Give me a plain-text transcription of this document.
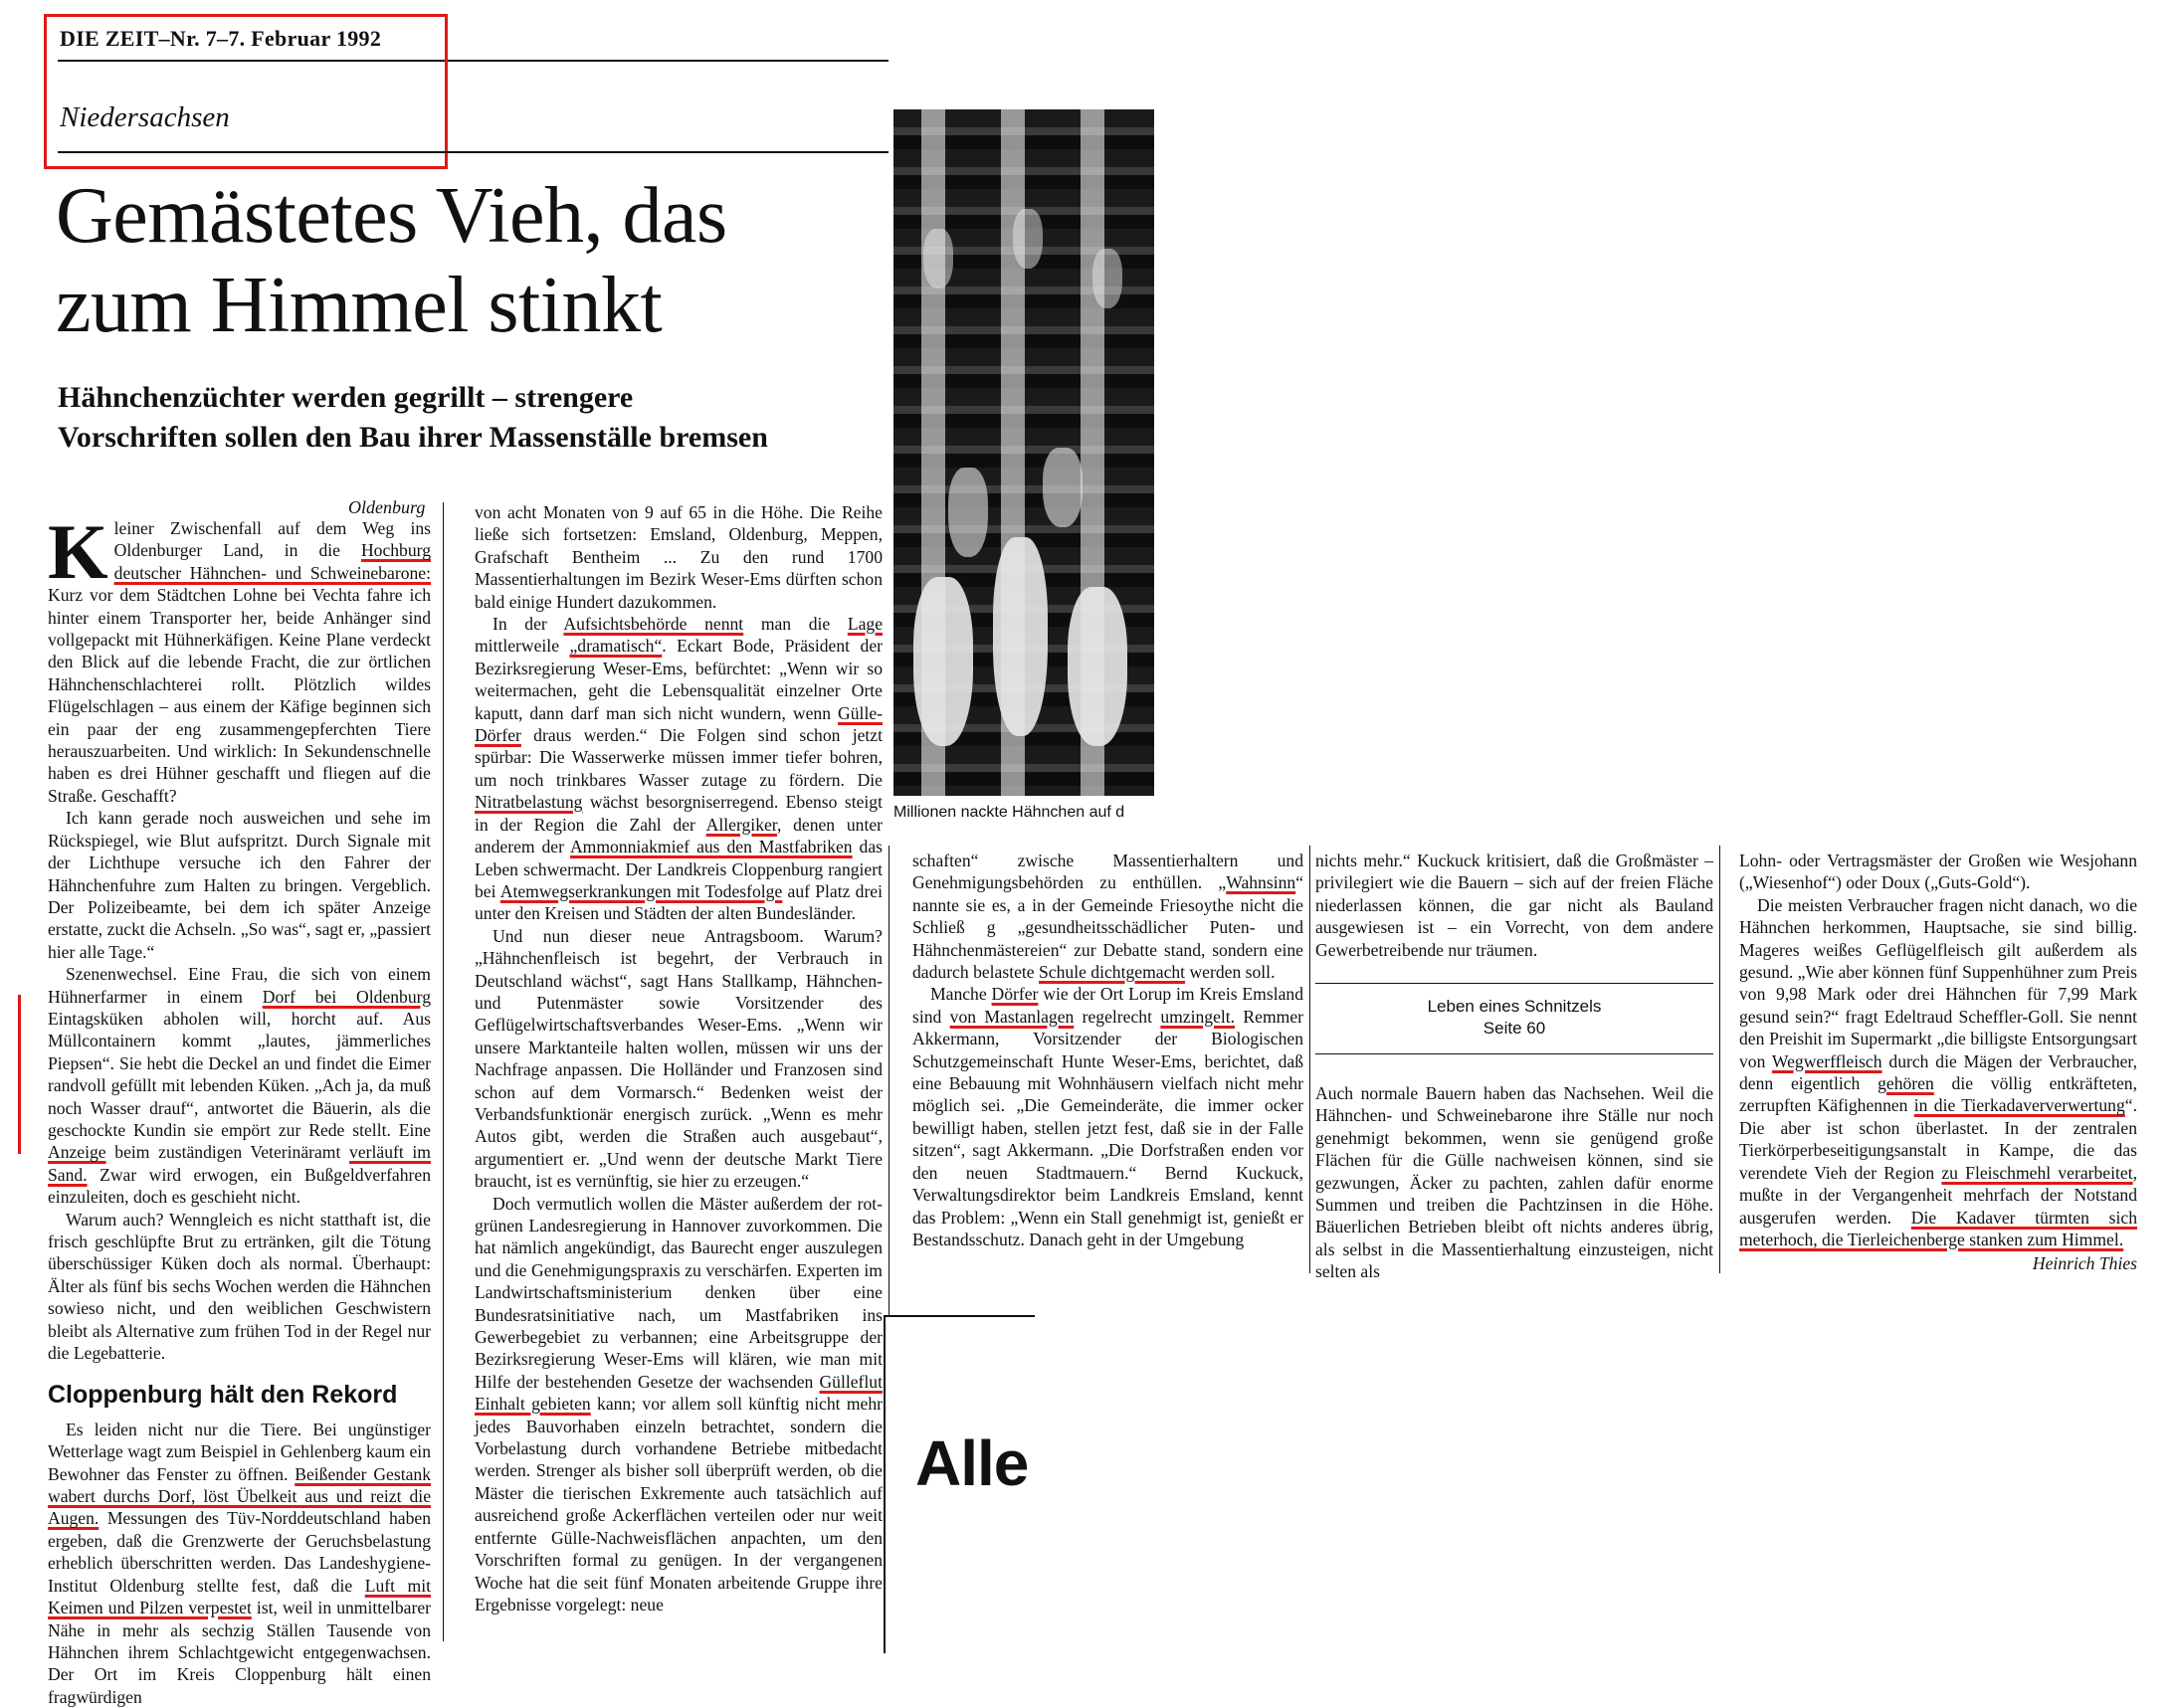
DIE ZEIT–Nr. 7–7. Februar 1992
Niedersachsen
Gemästetes Vieh, das
zum Himmel stinkt
Hähnchenzüchter werden gegrillt – strengere
Vorschriften sollen den Bau ihrer Massenställe bremsen
Millionen nackte Hähnchen auf d
Oldenburg

Kleiner Zwischenfall auf dem Weg ins Oldenburger Land, in die Hochburg deutscher Hähnchen- und Schweinebarone: Kurz vor dem Städtchen Lohne bei Vechta fahre ich hinter einem Transporter her, beide Anhänger sind vollgepackt mit Hühnerkäfigen. Keine Plane verdeckt den Blick auf die lebende Fracht, die zur örtlichen Hähnchenschlachterei rollt. Plötzlich wildes Flügelschlagen – aus einem der Käfige beginnen sich ein paar der eng zusammengepferchten Tiere herauszuarbeiten. Und wirklich: In Sekundenschnelle haben es drei Hühner geschafft und fliegen auf die Straße. Geschafft?

Ich kann gerade noch ausweichen und sehe im Rückspiegel, wie Blut aufspritzt. Durch Signale mit der Lichthupe versuche ich den Fahrer der Hähnchenfuhre zum Halten zu bringen. Vergeblich. Der Polizeibeamte, bei dem ich später Anzeige erstatte, zuckt die Achseln. „So was“, sagt er, „passiert hier alle Tage.“

Szenenwechsel. Eine Frau, die sich von einem Hühnerfarmer in einem Dorf bei Oldenburg Eintagsküken abholen will, horcht auf. Aus Müllcontainern kommt „lautes, jämmerliches Piepsen“. Sie hebt die Deckel an und findet die Eimer randvoll gefüllt mit lebenden Küken. „Ach ja, da muß noch Wasser drauf“, antwortet die Bäuerin, als die geschockte Kundin sie empört zur Rede stellt. Eine Anzeige beim zuständigen Veterinäramt verläuft im Sand. Zwar wird erwogen, ein Bußgeldverfahren einzuleiten, doch es geschieht nicht.

Warum auch? Wenngleich es nicht statthaft ist, die frisch geschlüpfte Brut zu ertränken, gilt die Tötung überschüssiger Küken doch als normal. Überhaupt: Älter als fünf bis sechs Wochen werden die Hähnchen sowieso nicht, und den weiblichen Geschwistern bleibt als Alternative zum frühen Tod in der Regel nur die Legebatterie.

Cloppenburg hält den Rekord

Es leiden nicht nur die Tiere. Bei ungünstiger Wetterlage wagt zum Beispiel in Gehlenberg kaum ein Bewohner das Fenster zu öffnen. Beißender Gestank wabert durchs Dorf, löst Übelkeit aus und reizt die Augen. Messungen des Tüv-Norddeutschland haben ergeben, daß die Grenzwerte der Geruchsbelastung erheblich überschritten werden. Das Landeshygiene-Institut Oldenburg stellte fest, daß die Luft mit Keimen und Pilzen verpestet ist, weil in unmittelbarer Nähe in mehr als sechzig Ställen Tausende von Hähnchen ihrem Schlachtgewicht entgegenwachsen. Der Ort im Kreis Cloppenburg hält einen fragwürdigen

von acht Monaten von 9 auf 65 in die Höhe. Die Reihe ließe sich fortsetzen: Emsland, Oldenburg, Meppen, Grafschaft Bentheim ... Zu den rund 1700 Massentierhaltungen im Bezirk Weser-Ems dürften schon bald einige Hundert dazukommen.

In der Aufsichtsbehörde nennt man die Lage mittlerweile „dramatisch“. Eckart Bode, Präsident der Bezirksregierung Weser-Ems, befürchtet: „Wenn wir so weitermachen, geht die Lebensqualität einzelner Orte kaputt, dann darf man sich nicht wundern, wenn Gülle-Dörfer draus werden.“ Die Folgen sind schon jetzt spürbar: Die Wasserwerke müssen immer tiefer bohren, um noch trinkbares Wasser zutage zu fördern. Die Nitratbelastung wächst besorgniserregend. Ebenso steigt in der Region die Zahl der Allergiker, denen unter anderem der Ammonniakmief aus den Mastfabriken das Leben schwermacht. Der Landkreis Cloppenburg rangiert bei Atemwegserkrankungen mit Todesfolge auf Platz drei unter den Kreisen und Städten der alten Bundesländer.

Und nun dieser neue Antragsboom. Warum? „Hähnchenfleisch ist begehrt, der Verbrauch in Deutschland wächst“, sagt Hans Stallkamp, Hähnchen- und Putenmäster sowie Vorsitzender des Geflügelwirtschaftsverbandes Weser-Ems. „Wenn wir unsere Marktanteile halten wollen, müssen wir uns der Nachfrage anpassen. Die Holländer und Franzosen sind schon auf dem Vormarsch.“ Bedenken weist der Verbandsfunktionär energisch zurück. „Wenn es mehr Autos gibt, werden die Straßen auch ausgebaut“, argumentiert er. „Und wenn der deutsche Markt Tiere braucht, ist es vernünftig, sie hier zu erzeugen.“

Doch vermutlich wollen die Mäster außerdem der rot-grünen Landesregierung in Hannover zuvorkommen. Die hat nämlich angekündigt, das Baurecht enger auszulegen und die Genehmigungspraxis zu verschärfen. Experten im Landwirtschaftsministerium denken über eine Bundesratsinitiative nach, um Mastfabriken ins Gewerbegebiet zu verbannen; eine Arbeitsgruppe der Bezirksregierung Weser-Ems will klären, wie man mit Hilfe der bestehenden Gesetze der wachsenden Gülleflut Einhalt gebieten kann; vor allem soll künftig nicht mehr jedes Bauvorhaben einzeln betrachtet, sondern die Vorbelastung durch vorhandene Betriebe mitbedacht werden. Strenger als bisher soll überprüft werden, ob die Mäster die tierischen Exkremente auch tatsächlich auf ausreichend große Ackerflächen verteilen oder nur weit entfernte Gülle-Nachweisflächen anpachten, um den Vorschriften formal zu genügen. In der vergangenen Woche hat die seit fünf Monaten arbeitende Gruppe ihre Ergebnisse vorgelegt: neue

schaften“ zwische Massentierhaltern und Genehmigungsbehörden zu enthüllen. „Wahnsinn“ nannte sie es, a in der Gemeinde Friesoythe nicht die Schließ g „gesundheitsschädlicher Puten- und Hähnchenmästereien“ zur Debatte stand, sondern eine dadurch belastete Schule dichtgemacht werden soll.

Manche Dörfer wie der Ort Lorup im Kreis Emsland sind von Mastanlagen regelrecht umzingelt. Remmer Akkermann, Vorsitzender der Biologischen Schutzgemeinschaft Hunte Weser-Ems, berichtet, daß eine Bebauung mit Wohnhäusern vielfach nicht mehr möglich sei. „Die Gemeinderäte, die immer ocker bewilligt haben, stellen jetzt fest, daß sie in der Falle sitzen“, sagt Akkermann. „Die Dorfstraßen enden vor den neuen Stadtmauern.“ Bernd Kuckuck, Verwaltungsdirektor beim Landkreis Emsland, kennt das Problem: „Wenn ein Stall genehmigt ist, genießt er Bestandsschutz. Danach geht in der Umgebung

Alle

nichts mehr.“ Kuckuck kritisiert, daß die Großmäster – privilegiert wie die Bauern – sich auf der freien Fläche niederlassen können, die gar nicht als Bauland ausgewiesen ist – ein Vorrecht, von dem andere Gewerbetreibende nur träumen.

Leben eines Schnitzels
Seite 60

Auch normale Bauern haben das Nachsehen. Weil die Hähnchen- und Schweinebarone ihre Ställe nur noch genehmigt bekommen, wenn sie genügend große Flächen für die Gülle nachweisen können, sind sie gezwungen, Äcker zu pachten, zahlen dafür enorme Summen und treiben die Pachtzinsen in die Höhe. Bäuerlichen Betrieben bleibt oft nichts anderes übrig, als selbst in die Massentierhaltung einzusteigen, nicht selten als

Lohn- oder Vertragsmäster der Großen wie Wesjohann („Wiesenhof“) oder Doux („Guts-Gold“).

Die meisten Verbraucher fragen nicht danach, wo die Hähnchen herkommen, Hauptsache, sie sind billig. Mageres weißes Geflügelfleisch gilt außerdem als gesund. „Wie aber können fünf Suppenhühner zum Preis von 9,98 Mark oder drei Hähnchen für 7,99 Mark gesund sein?“ fragt Edeltraud Scheffler-Goll. Sie nennt den Preishit im Supermarkt „die billigste Entsorgungsart von Wegwerffleisch durch die Mägen der Verbraucher, denn eigentlich gehören die völlig entkräfteten, zerrupften Käfighennen in die Tierkadaververwertung“. Die aber ist schon überlastet. In der zentralen Tierkörperbeseitigungsanstalt in Kampe, die das verendete Vieh der Region zu Fleischmehl verarbeitet, mußte in der Vergangenheit mehrfach der Notstand ausgerufen werden. Die Kadaver türmten sich meterhoch, die Tierleichenberge stanken zum Himmel.

Heinrich Thies
